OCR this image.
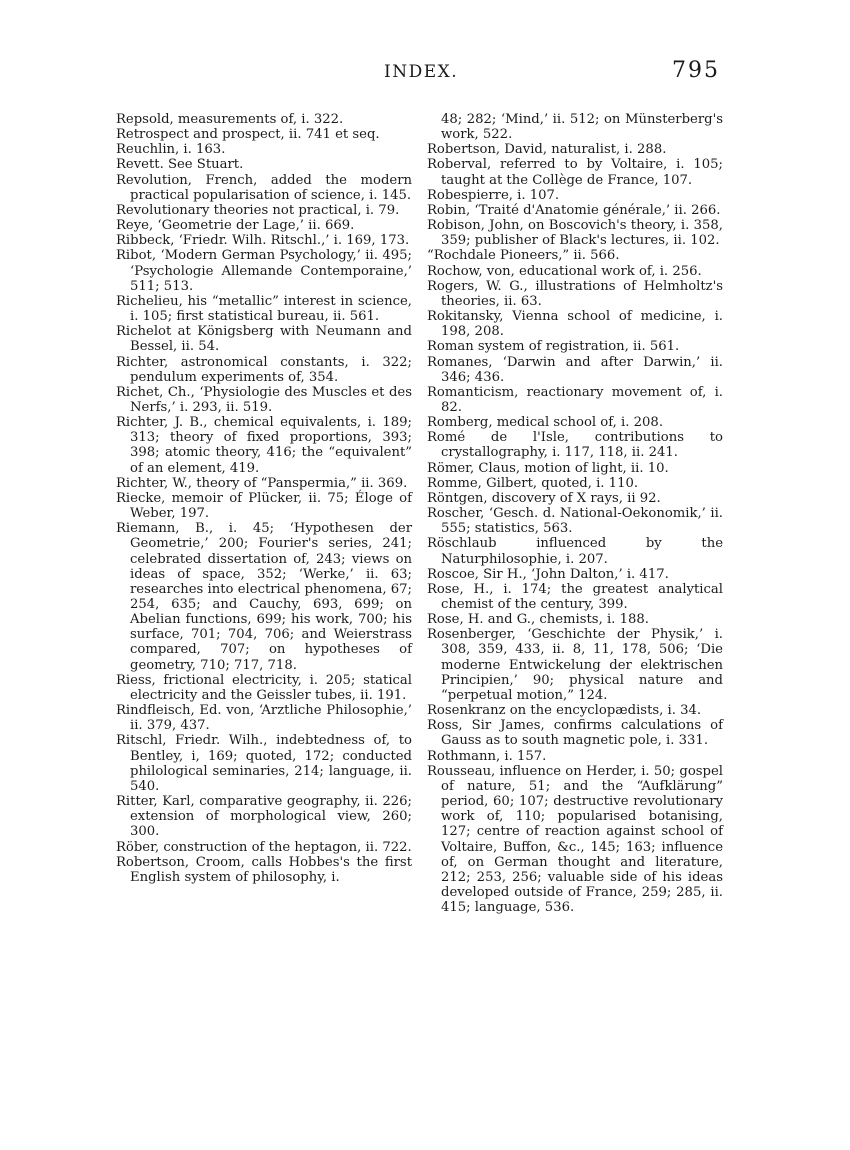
INDEX.	795

Repsold, measurements of, i. 322.

Retrospect and prospect, ii. 741 et seq.

Reuchlin, i. 163.

Revett. See Stuart.

Revolution, French, added the modern practical popularisation of science, i. 145.

Revolutionary theories not practical, i. 79.

Reye, ‘Geometrie der Lage,’ ii. 669.

Ribbeck, ‘Friedr. Wilh. Ritschl.,’ i. 169, 173.

Ribot, ‘Modern German Psychology,’ ii. 495; ‘Psychologie Allemande Contemporaine,’ 511; 513.

Richelieu, his “metallic” interest in science, i. 105; first statistical bureau, ii. 561.

Richelot at Königsberg with Neumann and Bessel, ii. 54.

Richter, astronomical constants, i. 322; pendulum experiments of, 354.

Richet, Ch., ‘Physiologie des Muscles et des Nerfs,’ i. 293, ii. 519.

Richter, J. B., chemical equivalents, i. 189; 313; theory of fixed proportions, 393; 398; atomic theory, 416; the “equivalent” of an element, 419.

Richter, W., theory of “Panspermia,” ii. 369.

Riecke, memoir of Plücker, ii. 75; Éloge of Weber, 197.

Riemann, B., i. 45; ‘Hypothesen der Geometrie,’ 200; Fourier's series, 241; celebrated dissertation of, 243; views on ideas of space, 352; ‘Werke,’ ii. 63; researches into electrical phenomena, 67; 254, 635; and Cauchy, 693, 699; on Abelian functions, 699; his work, 700; his surface, 701; 704, 706; and Weierstrass compared, 707; on hypotheses of geometry, 710; 717, 718.

Riess, frictional electricity, i. 205; statical electricity and the Geissler tubes, ii. 191.

Rindfleisch, Ed. von, ‘Arztliche Philosophie,’ ii. 379, 437.

Ritschl, Friedr. Wilh., indebtedness of, to Bentley, i, 169; quoted, 172; conducted philological seminaries, 214; language, ii. 540.

Ritter, Karl, comparative geography, ii. 226; extension of morphological view, 260; 300.

Röber, construction of the heptagon, ii. 722.

Robertson, Croom, calls Hobbes's the first English system of philosophy, i.

48; 282; ‘Mind,’ ii. 512; on Münsterberg's work, 522.

Robertson, David, naturalist, i. 288.

Roberval, referred to by Voltaire, i. 105; taught at the Collège de France, 107.

Robespierre, i. 107.

Robin, ‘Traité d'Anatomie générale,’ ii. 266.

Robison, John, on Boscovich's theory, i. 358, 359; publisher of Black's lectures, ii. 102.

“Rochdale Pioneers,” ii. 566.

Rochow, von, educational work of, i. 256.

Rogers, W. G., illustrations of Helmholtz's theories, ii. 63.

Rokitansky, Vienna school of medicine, i. 198, 208.

Roman system of registration, ii. 561.

Romanes, ‘Darwin and after Darwin,’ ii. 346; 436.

Romanticism, reactionary movement of, i. 82.

Romberg, medical school of, i. 208.

Romé de l'Isle, contributions to crystallography, i. 117, 118, ii. 241.

Römer, Claus, motion of light, ii. 10.

Romme, Gilbert, quoted, i. 110.

Röntgen, discovery of X rays, ii 92.

Roscher, ‘Gesch. d. National-Oekonomik,’ ii. 555; statistics, 563.

Röschlaub influenced by the Naturphilosophie, i. 207.

Roscoe, Sir H., ‘John Dalton,’ i. 417.

Rose, H., i. 174; the greatest analytical chemist of the century, 399.

Rose, H. and G., chemists, i. 188.

Rosenberger, ‘Geschichte der Physik,’ i. 308, 359, 433, ii. 8, 11, 178, 506; ‘Die moderne Entwickelung der elektrischen Principien,’ 90; physical nature and “perpetual motion,” 124.

Rosenkranz on the encyclopædists, i. 34.

Ross, Sir James, confirms calculations of Gauss as to south magnetic pole, i. 331.

Rothmann, i. 157.

Rousseau, influence on Herder, i. 50; gospel of nature, 51; and the “Aufklärung” period, 60; 107; destructive revolutionary work of, 110; popularised botanising, 127; centre of reaction against school of Voltaire, Buffon, &c., 145; 163; influence of, on German thought and literature, 212; 253, 256; valuable side of his ideas developed outside of France, 259; 285, ii. 415; language, 536.
